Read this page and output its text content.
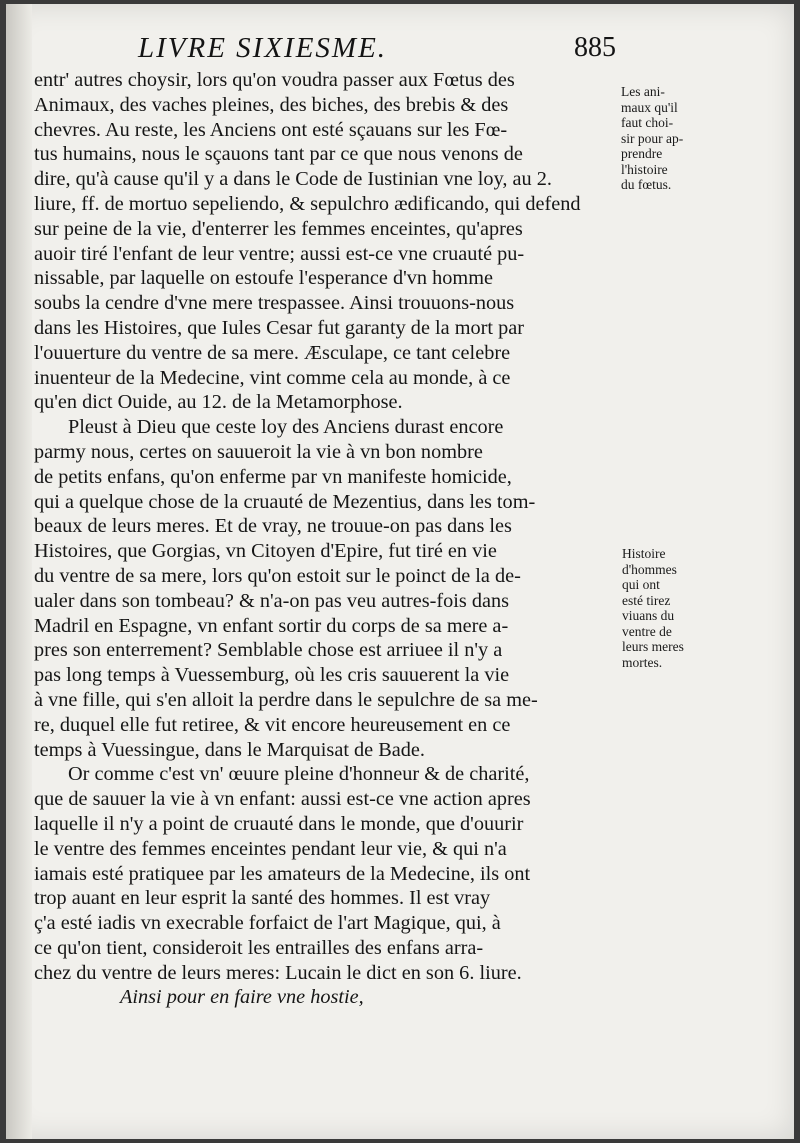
LIVRE SIXIESME.	885
entr' autres choysir, lors qu'on voudra passer aux Fœtus des
Animaux, des vaches pleines, des biches, des brebis & des
chevres. Au reste, les Anciens ont esté sçauans sur les Fœ-
tus humains, nous le sçauons tant par ce que nous venons de
dire, qu'à cause qu'il y a dans le Code de Iustinian vne loy, au 2.
liure, ff. de mortuo sepeliendo, & sepulchro ædificando, qui defend
sur peine de la vie, d'enterrer les femmes enceintes, qu'apres
auoir tiré l'enfant de leur ventre; aussi est-ce vne cruauté pu-
nissable, par laquelle on estoufe l'esperance d'vn homme
soubs la cendre d'vne mere trespassee. Ainsi trouuons-nous
dans les Histoires, que Iules Cesar fut garanty de la mort par
l'ouuerture du ventre de sa mere. Æsculape, ce tant celebre
inuenteur de la Medecine, vint comme cela au monde, à ce
qu'en dict Ouide, au 12. de la Metamorphose.
Pleust à Dieu que ceste loy des Anciens durast encore
parmy nous, certes on sauueroit la vie à vn bon nombre
de petits enfans, qu'on enferme par vn manifeste homicide,
qui a quelque chose de la cruauté de Mezentius, dans les tom-
beaux de leurs meres. Et de vray, ne trouue-on pas dans les
Histoires, que Gorgias, vn Citoyen d'Epire, fut tiré en vie
du ventre de sa mere, lors qu'on estoit sur le poinct de la de-
ualer dans son tombeau? & n'a-on pas veu autres-fois dans
Madril en Espagne, vn enfant sortir du corps de sa mere a-
pres son enterrement? Semblable chose est arriuee il n'y a
pas long temps à Vuessemburg, où les cris sauuerent la vie
à vne fille, qui s'en alloit la perdre dans le sepulchre de sa me-
re, duquel elle fut retiree, & vit encore heureusement en ce
temps à Vuessingue, dans le Marquisat de Bade.
Or comme c'est vn' œuure pleine d'honneur & de charité,
que de sauuer la vie à vn enfant: aussi est-ce vne action apres
laquelle il n'y a point de cruauté dans le monde, que d'ouurir
le ventre des femmes enceintes pendant leur vie, & qui n'a
iamais esté pratiquee par les amateurs de la Medecine, ils ont
trop auant en leur esprit la santé des hommes. Il est vray
ç'a esté iadis vn execrable forfaict de l'art Magique, qui, à
ce qu'on tient, consideroit les entrailles des enfans arra-
chez du ventre de leurs meres: Lucain le dict en son 6. liure.
Ainsi pour en faire vne hostie,
Les ani-
maux qu'il
faut choi-
sir pour ap-
prendre
l'histoire
du fœtus.
Histoire
d'hommes
qui ont
esté tirez
viuans du
ventre de
leurs meres
mortes.
